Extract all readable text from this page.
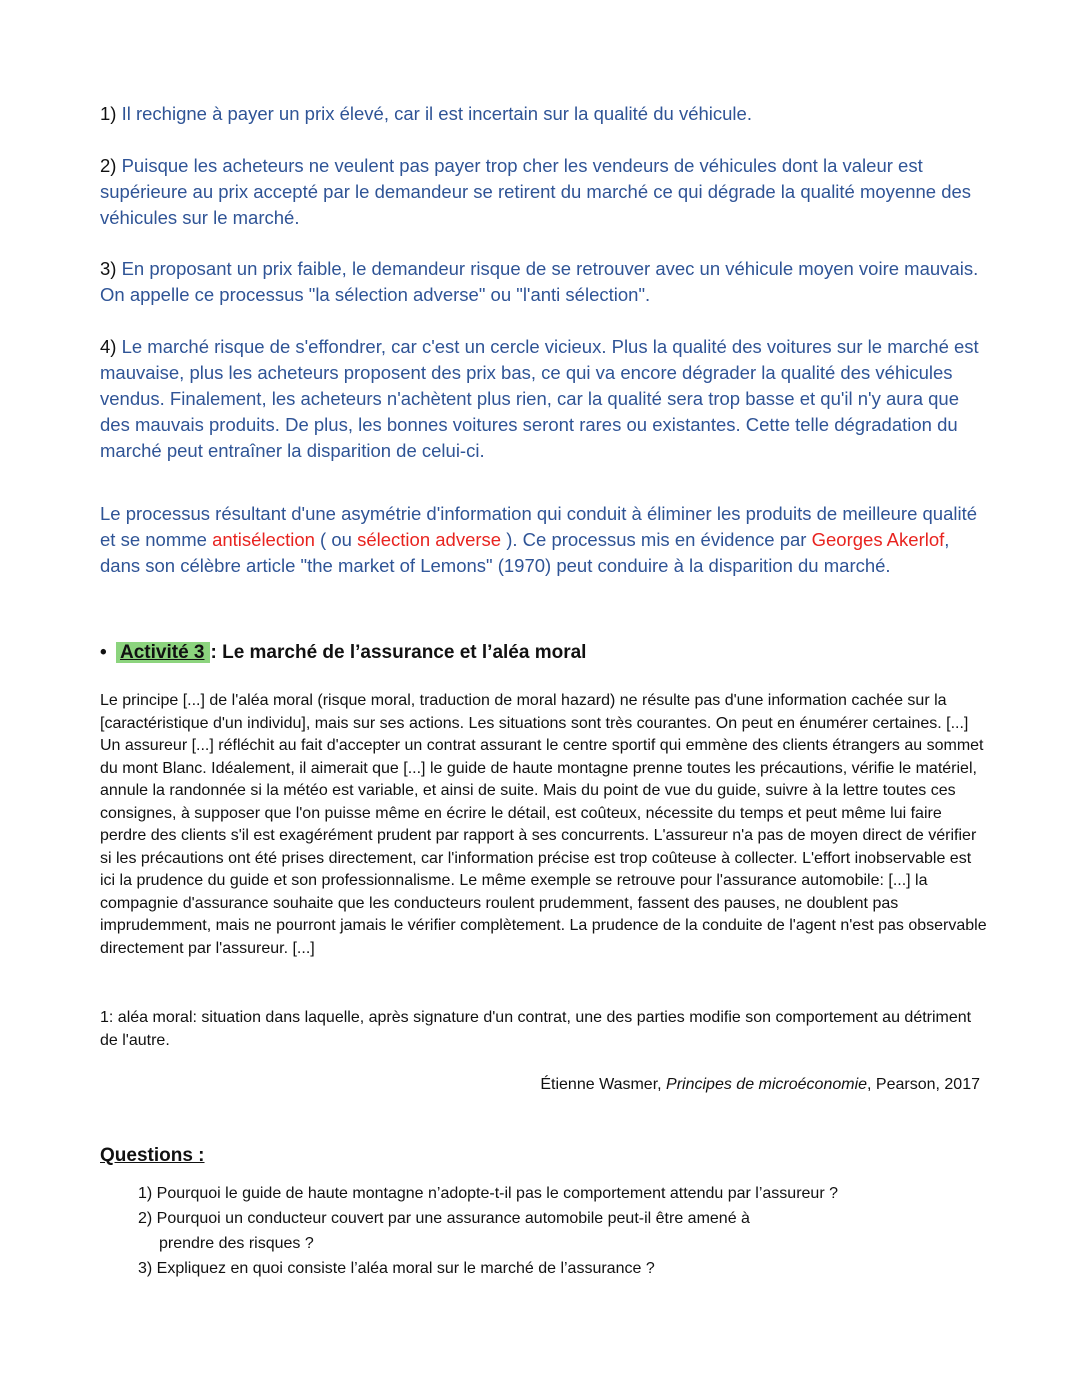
1) Il rechigne à payer un prix élevé, car il est incertain sur la qualité du véhicule.
2) Puisque les acheteurs ne veulent pas payer trop cher les vendeurs de véhicules dont la valeur est supérieure au prix accepté par le demandeur se retirent du marché ce qui dégrade la qualité moyenne des véhicules sur le marché.
3) En proposant un prix faible, le demandeur risque de se retrouver avec un véhicule moyen voire mauvais. On appelle ce processus "la sélection adverse" ou "l'anti sélection".
4) Le marché risque de s'effondrer, car c'est un cercle vicieux. Plus la qualité des voitures sur le marché est mauvaise, plus les acheteurs proposent des prix bas, ce qui va encore dégrader la qualité des véhicules vendus. Finalement, les acheteurs n'achètent plus rien, car la qualité sera trop basse et qu'il n'y aura que des mauvais produits. De plus, les bonnes voitures seront rares ou existantes. Cette telle dégradation du marché peut entraîner la disparition de celui-ci.
Le processus résultant d'une asymétrie d'information qui conduit à éliminer les produits de meilleure qualité et se nomme antisélection ( ou sélection adverse ). Ce processus mis en évidence par Georges Akerlof, dans son célèbre article "the market of Lemons" (1970) peut conduire à la disparition du marché.
• Activité 3 : Le marché de l’assurance et l’aléa moral
Le principe [...] de l'aléa moral (risque moral, traduction de moral hazard) ne résulte pas d'une information cachée sur la [caractéristique d'un individu], mais sur ses actions. Les situations sont très courantes. On peut en énumérer certaines. [...] Un assureur [...] réfléchit au fait d'accepter un contrat assurant le centre sportif qui emmène des clients étrangers au sommet du mont Blanc. Idéalement, il aimerait que [...] le guide de haute montagne prenne toutes les précautions, vérifie le matériel, annule la randonnée si la météo est variable, et ainsi de suite. Mais du point de vue du guide, suivre à la lettre toutes ces consignes, à supposer que l'on puisse même en écrire le détail, est coûteux, nécessite du temps et peut même lui faire perdre des clients s'il est exagérément prudent par rapport à ses concurrents. L'assureur n'a pas de moyen direct de vérifier si les précautions ont été prises directement, car l'information précise est trop coûteuse à collecter. L'effort inobservable est ici la prudence du guide et son professionnalisme. Le même exemple se retrouve pour l'assurance automobile: [...] la compagnie d'assurance souhaite que les conducteurs roulent prudemment, fassent des pauses, ne doublent pas imprudemment, mais ne pourront jamais le vérifier complètement. La prudence de la conduite de l'agent n'est pas observable directement par l'assureur. [...]
1: aléa moral: situation dans laquelle, après signature d'un contrat, une des parties modifie son comportement au détriment de l'autre.
Étienne Wasmer, Principes de microéconomie, Pearson, 2017
Questions :
1) Pourquoi le guide de haute montagne n’adopte-t-il pas le comportement attendu par l’assureur ?
2) Pourquoi un conducteur couvert par une assurance automobile peut-il être amené à
prendre des risques ?
3) Expliquez en quoi consiste l’aléa moral sur le marché de l’assurance ?
